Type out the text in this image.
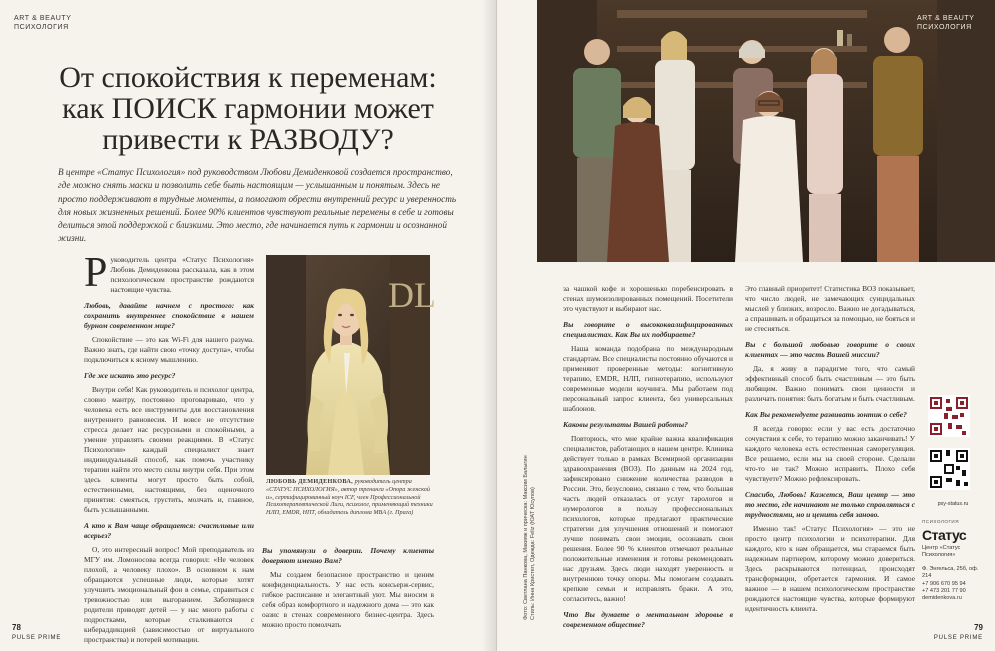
ART & BEAUTY
ПСИХОЛОГИЯ
От спокойствия к переменам:
как ПОИСК гармонии может
привести к РАЗВОДУ?

В центре «Статус Психология» под руководством Любови Демиденковой создается пространство, где можно снять маски и позволить себе быть настоящим — услышанным и понятым. Здесь не просто поддерживают в трудные моменты, а помогают обрести внутренний ресурс и уверенность для новых жизненных решений. Более 90% клиентов чувствуют реальные перемены в себе и готовы делиться этой поддержкой с близкими. Это место, где начинается путь к гармонии и осознанной жизни.

Руководитель центра «Статус Психология» Любовь Демиденкова рассказала, как в этом психологическом пространстве рождаются настоящие чувства.

Любовь, давайте начнем с простого: как сохранить внутреннее спокойствие в нашем бурном современном мире?

Спокойствие — это как Wi-Fi для нашего разума. Важно знать, где найти свою «точку доступа», чтобы подключиться к ясному мышлению.

Где же искать это ресурс?

Внутри себя! Как руководитель и психолог центра, словно мантру, постоянно проговариваю, что у человека есть все инструменты для восстановления внутреннего равновесия. И вовсе не отсутствие стресса делает нас ресурсными и спокойными, а умение управлять своими реакциями. В «Статус Психологии» каждый специалист знает индивидуальный способ, как помочь участнику терапии найти это место силы внутри себя. При этом здесь клиенты могут просто быть собой, естественными, настоящими, без оценочного принятия: смеяться, грустить, молчать и, главное, быть услышанными.

А кто к Вам чаще обращается: счастливые или всерьез?

О, это интересный вопрос! Мой преподаватель из МГУ им. Ломоносова всегда говорил: «Не человек плохой, а человеку плохо». В основном к нам обращаются успешные люди, которые хотят улучшить эмоциональный фон в семье, справиться с тревожностью или выгоранием. Заботящиеся родители приводят детей — у нас много работы с подростками, которые сталкиваются с кибераддикцией (зависимостью от виртуального пространства) и потерей мотивации.

DL
ЛЮБОВЬ ДЕМИДЕНКОВА, руководитель центра «СТАТУС ПСИХОЛОГИЯ», автор тренинга «Опора женской и», сертифицированный коуч ICF, член Профессиональной Психотерапевтической Лиги, психолог, применяющий техники НЛП, EMDR, НПТ, обладатель диплома MBA (г. Прага)

Вы упомянули о доверии. Почему клиенты доверяют именно Вам?

Мы создаем безопасное пространство и ценим конфиденциальность. У нас есть консьерж-сервис, гибкое расписание и элегантный уют. Мы вносим в себя образ комфортного и надежного дома — это как оазис в стенах современного бизнес-центра. Здесь можно просто помолчать

78
PULSE PRIME
ART & BEAUTY
ПСИХОЛОГИЯ
Фото: Светлана Панкова, Макияж и прическа: Максим Балыгин Стиль: Инна Кристел, Одежда: Feliz (ЮАТ Юсупов)

за чашкой кофе и хорошенько поребенсировать в стенах шумоизолированных помещений. Посетители это чувствуют и выбирают нас.

Вы говорите о высококвалифицированных специалистах. Как Вы их подбираете?

Наша команда подобрана по международным стандартам. Все специалисты постоянно обучаются и применяют проверенные методы: когнитивную терапию, EMDR, НЛП, гипнотерапию, используют современные модели коучинга. Мы работаем под персональный запрос клиента, без универсальных шаблонов.

Каковы результаты Вашей работы?

Повторюсь, что мне крайне важна квалификация специалистов, работающих в нашем центре. Клиника действует только в рамках Всемирной организации здравоохранения (ВОЗ). По данным на 2024 год, зафиксировано снижение количества разводов в России. Это, безусловно, связано с тем, что большая часть людей отказалась от услуг тарологов и нумерологов в пользу профессиональных психологов, которые предлагают практические стратегии для улучшения отношений и помогают лучше понимать свои эмоции, осознавать свои решения. Более 90 % клиентов отмечают реальные положительные изменения и готовы рекомендовать нас друзьям. Здесь люди находят уверенность и внутреннюю точку опоры. Мы помогаем создавать крепкие семьи и исправлять браки. А это, согласитесь, важно!

Что Вы думаете о ментальном здоровье в современном обществе?

Это главный приоритет! Статистика ВОЗ показывает, что число людей, не замечающих суицидальных мыслей у близких, возросло. Важно не догадываться, а спрашивать и обращаться за помощью, не бояться и не стесняться.

Вы с большой любовью говорите о своих клиентах — это часть Вашей миссии?

Да, я живу в парадигме того, что самый эффективный способ быть счастливым — это быть любящим. Важно понимать свои ценности и различать понятия: быть богатым и быть счастливым.

Как Вы рекомендуете развивать зонтик о себе?

Я всегда говорю: если у вас есть достаточно сочувствия к себе, то терапию можно заканчивать! У каждого человека есть естественная саморегуляция. Все решаемо, если мы на своей стороне. Сделали что-то не так? Можно исправить. Плохо себя чувствуете? Можно рефлексировать.

Спасибо, Любовь! Кажется, Ваш центр — это то место, где начинают не только справляться с трудностями, но и ценить себя заново.

Именно так! «Статус Психология» — это не просто центр психологии и психотерапии. Для каждого, кто к нам обращается, мы стараемся быть надежным партнером, которому можно довериться. Здесь раскрываются потенциал, происходят трансформации, обретается гармония. И самое важное — в нашем психологическом пространстве рождаются настоящие чувства, которые формируют идентичность клиента.

psy-status.ru
ПСИХОЛОГИЯ
Статус
Центр «Статус Психология»
Ф. Энгельса, 25б, оф. 214
+7 906 670 95 94
+7 473 201 77 90
demidenkova.ru
79
PULSE PRIME
